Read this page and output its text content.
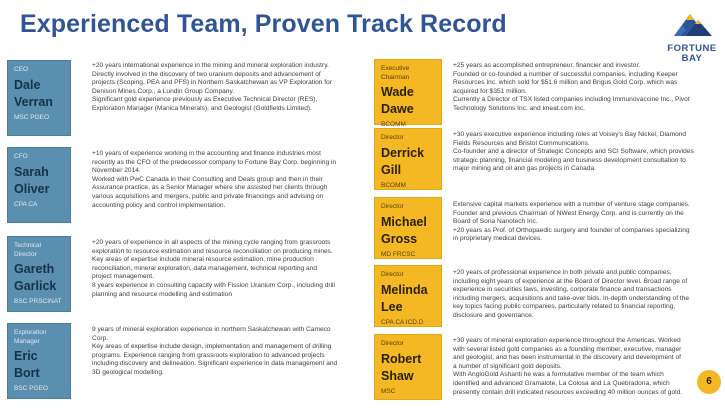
Experienced Team, Proven Track Record
FORTUNE
BAY
CEO
Dale
Verran
MSC PGEO

+20 years international experience in the mining and mineral exploration industry.

Directly involved in the discovery of two uranium deposits and advancement of

projects (Scoping, PEA and PFS) in Northern Saskatchewan as VP Exploration for

Denison Mines Corp., a Lundin Group Company.

Significant gold experience previously as Executive Technical Director (RES),

Exploration Manager (Manica Minerals), and Geologist (Goldfields Limited).

CFO
Sarah
Oliver
CPA CA

+10 years of experience working in the accounting and finance industries most

recently as the CFO of the predecessor company to Fortune Bay Corp. beginning in

November 2014.

Worked with PwC Canada in their Consulting and Deals group and then in their

Assurance practice, as a Senior Manager where she assisted her clients through

various acquisitions and mergers, public and private financings and advising on

accounting policy and control implementation.

Technical
Director
Gareth
Garlick
BSC PRSCINAT

+20 years of experience in all aspects of the mining cycle ranging from grassroots

exploration to resource estimation and resource reconciliation on producing mines.

Key areas of expertise include mineral resource estimation, mine production

reconciliation, mineral exploration, data management, technical reporting and

project management.

8 years experience in consulting capacity with Fission Uranium Corp., including drill

planning and resource modelling and estimation

Exploration
Manager
Eric Bort
BSC PGEO

9 years of mineral exploration experience in northern Saskatchewan with Cameco

Corp.

Key areas of expertise include design, implementation and management of drilling

programs. Experience ranging from grassroots exploration to advanced projects

including discovery and delineation. Significant experience in data management and

3D geological modelling.

Executive
Chairman
Wade
Dawe
BCOMM

+25 years as accomplished entrepreneur, financier and investor.

Founded or co-founded a number of successful companies, including Keeper

Resources Inc. which sold for $51.6 million and Brigus Gold Corp. which was

acquired for $351 million.

Currently a Director of TSX listed companies including Immunovaccine Inc., Pivot

Technology Solutions Inc. and kneat.com inc.

Director
Derrick
Gill
BCOMM

+30 years executive experience including roles at Voisey's Bay Nickel, Diamond

Fields Resources and Bristol Communications.

Co-founder and a director of Strategic Concepts and SCI Software, which provides

strategic planning, financial modeling and business development consultation to

major mining and oil and gas projects in Canada.

Director
Michael
Gross
MD FRCSC

Extensive capital markets experience with a number of venture stage companies.

Founder and previous Chairman of NWest Energy Corp. and is currently on the

Board of Sona Nanotech Inc.

+20 years as Prof. of Orthopaedic surgery and founder of companies specializing

in proprietary medical devices.

Director
Melinda
Lee
CPA CA ICD.D

+20 years of professional experience in both private and public companies,

including eight years of experience at the Board of Director level. Broad range of

experience in securities laws, investing, corporate finance and transactions

including mergers, acquisitions and take-over bids. In-depth understanding of the

key topics facing public companies, particularly related to financial reporting,

disclosure and governance.

Director
Robert
Shaw
MSC

+30 years of mineral exploration experience throughout the Americas. Worked

with several listed gold companies as a founding member, executive, manager

and geologist, and has been instrumental in the discovery and development of

a number of significant gold deposits.

With AngloGold Ashanti he was a formulative member of the team which

identified and advanced Gramalote, La Colosa and La Quebradona, which

presently contain drill indicated resources exceeding 40 million ounces of gold.

6
